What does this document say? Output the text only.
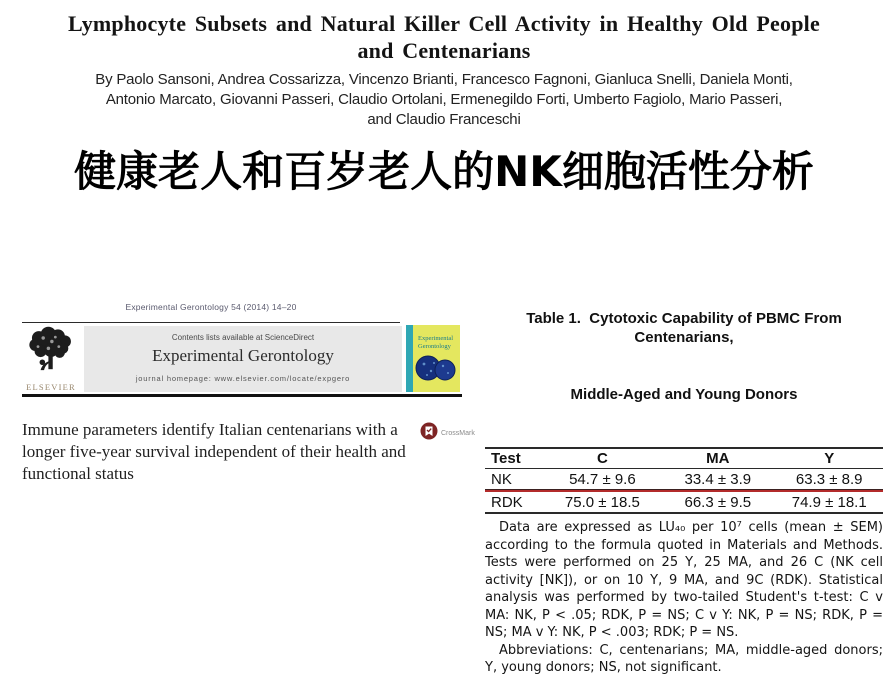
Lymphocyte Subsets and Natural Killer Cell Activity in Healthy Old People
and Centenarians
By Paolo Sansoni, Andrea Cossarizza, Vincenzo Brianti, Francesco Fagnoni, Gianluca Snelli, Daniela Monti,
Antonio Marcato, Giovanni Passeri, Claudio Ortolani, Ermenegildo Forti, Umberto Fagiolo, Mario Passeri,
and Claudio Franceschi
健康老人和百岁老人的NK细胞活性分析
Experimental Gerontology 54 (2014) 14–20
ELSEVIER
Contents lists available at ScienceDirect
Experimental Gerontology
journal homepage: www.elsevier.com/locate/expgero
Experimental
Gerontology
Immune parameters identify Italian centenarians with a longer five-year survival independent of their health and functional status
CrossMark

Table 1.  Cytotoxic Capability of PBMC From Centenarians,

Middle-Aged and Young Donors

Test	C	MA	Y
NK	54.7 ± 9.6	33.4 ± 3.9	63.3 ± 8.9
RDK	75.0 ± 18.5	66.3 ± 9.5	74.9 ± 18.1

Data are expressed as LU₄₀ per 10⁷ cells (mean ± SEM) according to the formula quoted in Materials and Methods. Tests were performed on 25 Y, 25 MA, and 26 C (NK cell activity [NK]), or on 10 Y, 9 MA, and 9C (RDK). Statistical analysis was performed by two-tailed Student's t-test: C v MA: NK, P < .05; RDK, P = NS; C v Y: NK, P = NS; RDK, P = NS; MA v Y: NK, P < .003; RDK; P = NS.

Abbreviations: C, centenarians; MA, middle-aged donors; Y, young donors; NS, not significant.
